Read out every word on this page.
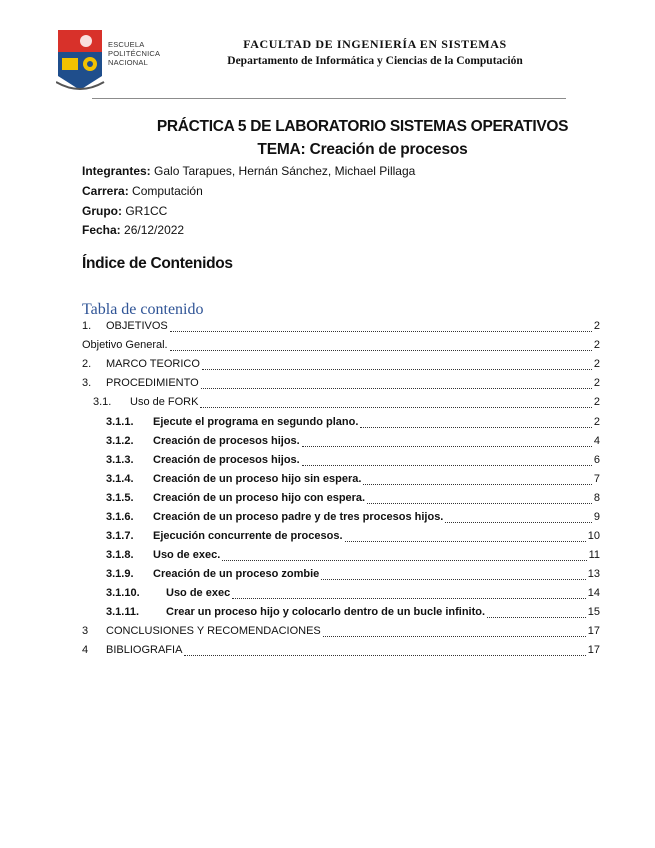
ESCUELA
POLITÉCNICA
NACIONAL
FACULTAD DE INGENIERÍA EN SISTEMAS
Departamento de Informática y Ciencias de la Computación
PRÁCTICA 5 DE LABORATORIO SISTEMAS OPERATIVOS
TEMA: Creación de procesos
Integrantes: Galo Tarapues, Hernán Sánchez, Michael Pillaga
Carrera: Computación
Grupo: GR1CC
Fecha: 26/12/2022
Índice de Contenidos
Tabla de contenido
1.	OBJETIVOS	2
Objetivo General.	2
2.	MARCO TEORICO	2
3.	PROCEDIMIENTO	2
3.1.	Uso de FORK	2
3.1.1.	Ejecute el programa en segundo plano.	2
3.1.2.	Creación de procesos hijos.	4
3.1.3.	Creación de procesos hijos.	6
3.1.4.	Creación de un proceso hijo sin espera.	7
3.1.5.	Creación de un proceso hijo con espera.	8
3.1.6.	Creación de un proceso padre y de tres procesos hijos.	9
3.1.7.	Ejecución concurrente de procesos.	10
3.1.8.	Uso de exec.	11
3.1.9.	Creación de un proceso zombie	13
3.1.10.	Uso de exec	14
3.1.11.	Crear un proceso hijo y colocarlo dentro de un bucle infinito.	15
3	CONCLUSIONES Y RECOMENDACIONES	17
4	BIBLIOGRAFIA	17
